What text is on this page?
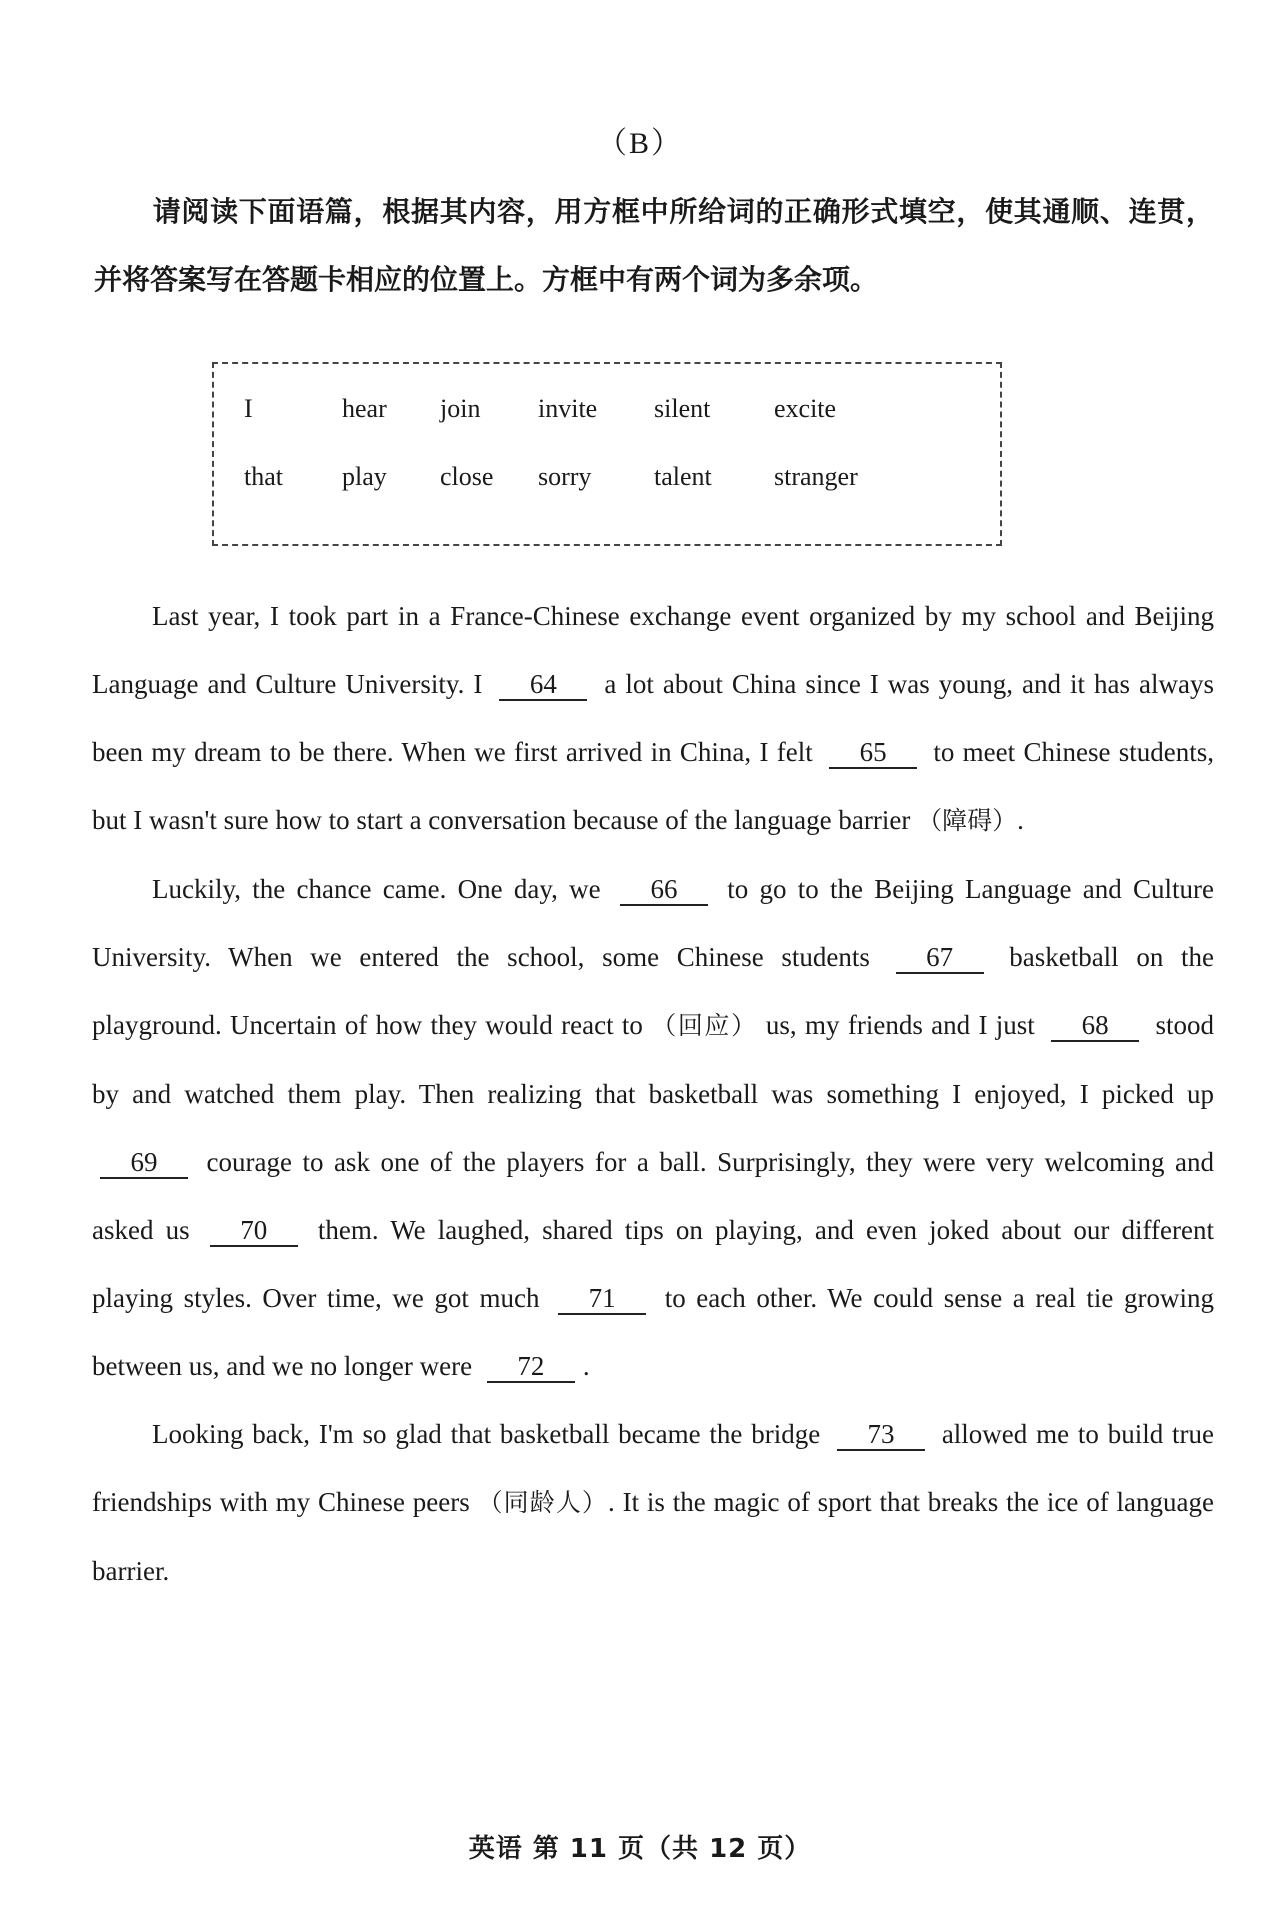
（B）
请阅读下面语篇，根据其内容，用方框中所给词的正确形式填空，使其通顺、连贯，并将答案写在答题卡相应的位置上。方框中有两个词为多余项。
I	hear join invite silent excite
that play close sorry talent stranger

Last year, I took part in a France-Chinese exchange event organized by my school and Beijing Language and Culture University. I 64 a lot about China since I was young, and it has always been my dream to be there. When we first arrived in China, I felt 65 to meet Chinese students, but I wasn't sure how to start a conversation because of the language barrier （障碍）.

Luckily, the chance came. One day, we 66 to go to the Beijing Language and Culture University. When we entered the school, some Chinese students 67 basketball on the playground. Uncertain of how they would react to （回应） us, my friends and I just 68 stood by and watched them play. Then realizing that basketball was something I enjoyed, I picked up 69 courage to ask one of the players for a ball. Surprisingly, they were very welcoming and asked us 70 them. We laughed, shared tips on playing, and even joked about our different playing styles. Over time, we got much 71 to each other. We could sense a real tie growing between us, and we no longer were 72 .

Looking back, I'm so glad that basketball became the bridge 73 allowed me to build true friendships with my Chinese peers （同龄人）. It is the magic of sport that breaks the ice of language barrier.

英语 第 11 页（共 12 页）
